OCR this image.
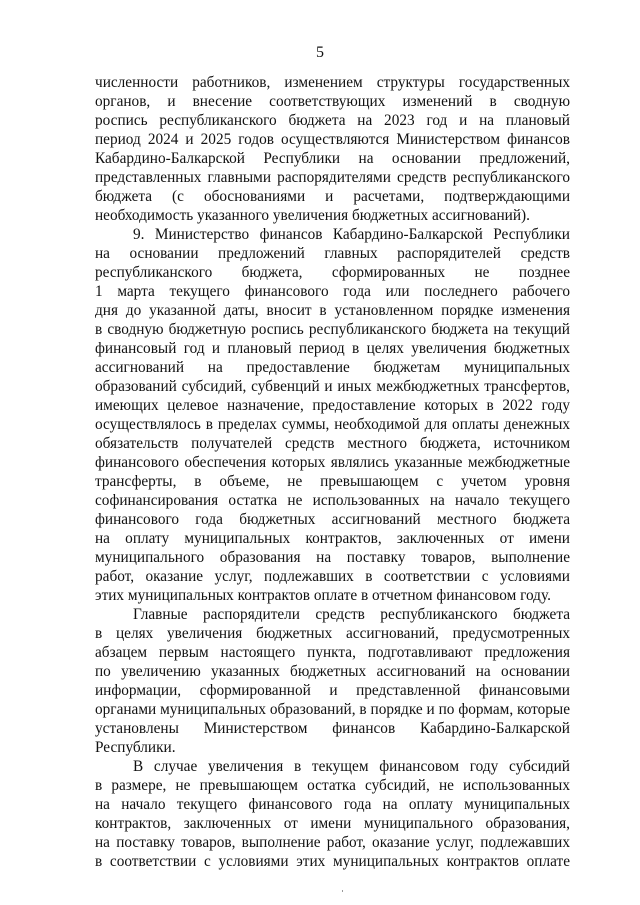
5
численности работников, изменением структуры государственных
органов, и внесение соответствующих изменений в сводную
роспись республиканского бюджета на 2023 год и на плановый
период 2024 и 2025 годов осуществляются Министерством финансов
Кабардино-Балкарской Республики на основании предложений,
представленных главными распорядителями средств республиканского
бюджета (с обоснованиями и расчетами, подтверждающими
необходимость указанного увеличения бюджетных ассигнований).
9. Министерство финансов Кабардино-Балкарской Республики
на основании предложений главных распорядителей средств
республиканского бюджета, сформированных не позднее
1 марта текущего финансового года или последнего рабочего
дня до указанной даты, вносит в установленном порядке изменения
в сводную бюджетную роспись республиканского бюджета на текущий
финансовый год и плановый период в целях увеличения бюджетных
ассигнований на предоставление бюджетам муниципальных
образований субсидий, субвенций и иных межбюджетных трансфертов,
имеющих целевое назначение, предоставление которых в 2022 году
осуществлялось в пределах суммы, необходимой для оплаты денежных
обязательств получателей средств местного бюджета, источником
финансового обеспечения которых являлись указанные межбюджетные
трансферты, в объеме, не превышающем с учетом уровня
софинансирования остатка не использованных на начало текущего
финансового года бюджетных ассигнований местного бюджета
на оплату муниципальных контрактов, заключенных от имени
муниципального образования на поставку товаров, выполнение
работ, оказание услуг, подлежавших в соответствии с условиями
этих муниципальных контрактов оплате в отчетном финансовом году.
Главные распорядители средств республиканского бюджета
в целях увеличения бюджетных ассигнований, предусмотренных
абзацем первым настоящего пункта, подготавливают предложения
по увеличению указанных бюджетных ассигнований на основании
информации, сформированной и представленной финансовыми
органами муниципальных образований, в порядке и по формам, которые
установлены Министерством финансов Кабардино-Балкарской
Республики.
В случае увеличения в текущем финансовом году субсидий
в размере, не превышающем остатка субсидий, не использованных
на начало текущего финансового года на оплату муниципальных
контрактов, заключенных от имени муниципального образования,
на поставку товаров, выполнение работ, оказание услуг, подлежавших
в соответствии с условиями этих муниципальных контрактов оплате
